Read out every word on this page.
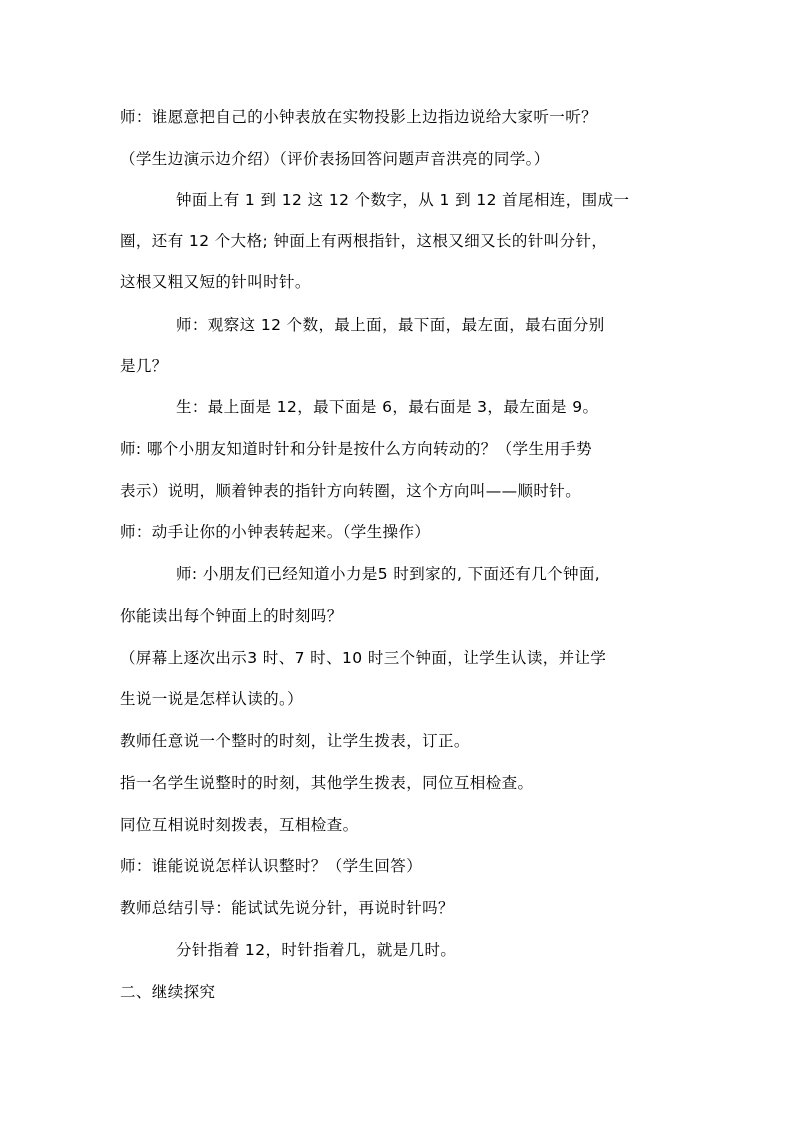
师：谁愿意把自己的小钟表放在实物投影上边指边说给大家听一听？
（学生边演示边介绍）（评价表扬回答问题声音洪亮的同学。）
钟面上有 1 到 12 这 12 个数字，从 1 到 12 首尾相连，围成一
圈，还有 12 个大格; 钟面上有两根指针，这根又细又长的针叫分针，
这根又粗又短的针叫时针。
师：观察这 12 个数，最上面，最下面，最左面，最右面分别
是几？
生：最上面是 12，最下面是 6，最右面是 3，最左面是 9。
师: 哪个小朋友知道时针和分针是按什么方向转动的？（学生用手势
表示）说明，顺着钟表的指针方向转圈，这个方向叫——顺时针。
师：动手让你的小钟表转起来。（学生操作）
师: 小朋友们已经知道小力是5 时到家的, 下面还有几个钟面,
你能读出每个钟面上的时刻吗？
（屏幕上逐次出示3 时、7 时、10 时三个钟面，让学生认读，并让学
生说一说是怎样认读的。）
教师任意说一个整时的时刻，让学生拨表，订正。
指一名学生说整时的时刻，其他学生拨表，同位互相检查。
同位互相说时刻拨表，互相检查。
师：谁能说说怎样认识整时？（学生回答）
教师总结引导：能试试先说分针，再说时针吗？
分针指着 12，时针指着几，就是几时。
二、继续探究
